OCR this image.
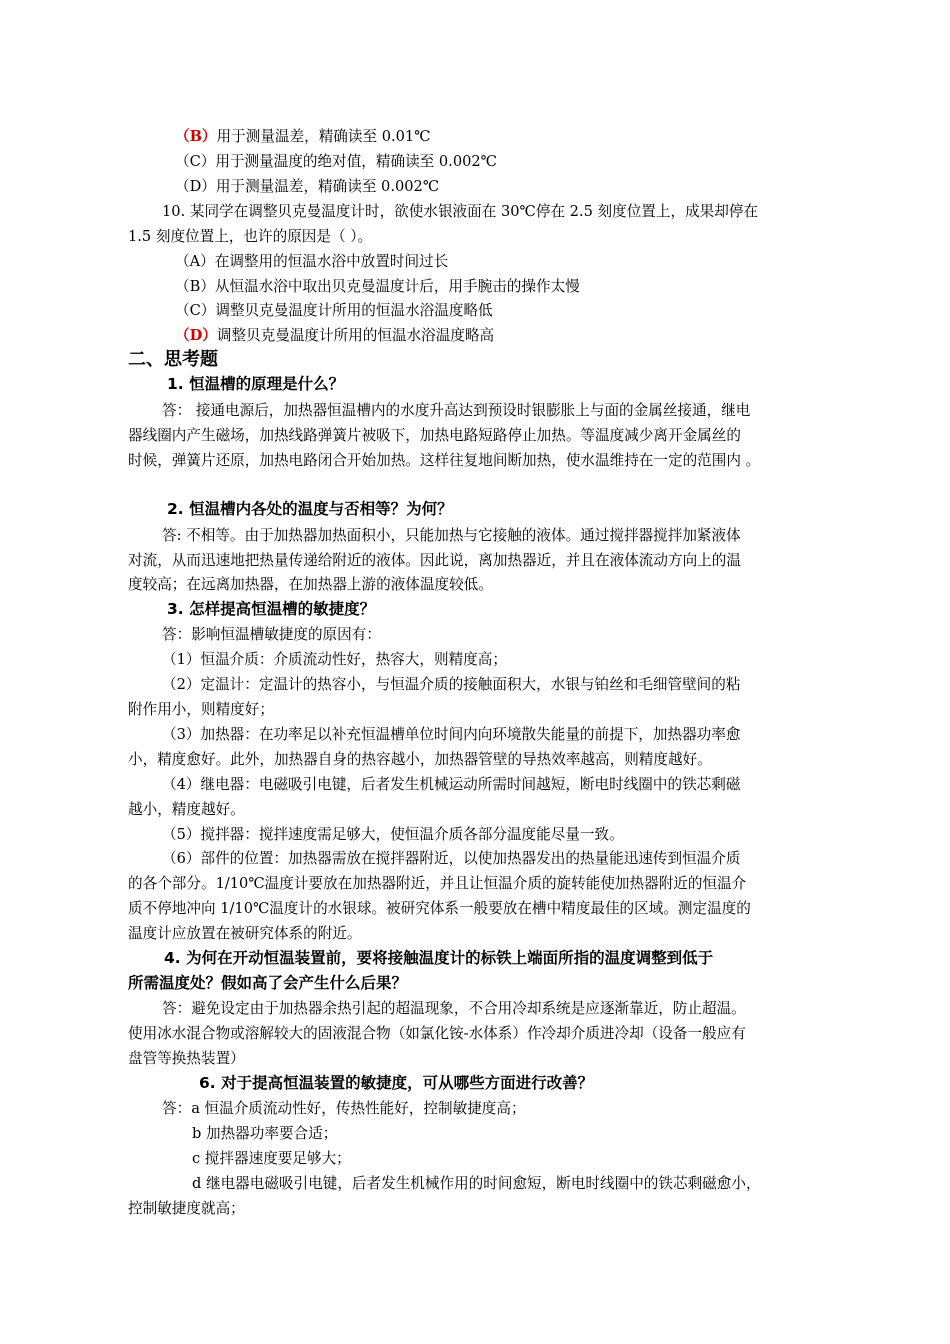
（B）用于测量温差，精确读至 0.01℃
（C）用于测量温度的绝对值，精确读至 0.002℃
（D）用于测量温差，精确读至 0.002℃
10. 某同学在调整贝克曼温度计时，欲使水银液面在 30℃停在 2.5 刻度位置上，成果却停在
1.5 刻度位置上，也许的原因是（ ）。
（A）在调整用的恒温水浴中放置时间过长
（B）从恒温水浴中取出贝克曼温度计后，用手腕击的操作太慢
（C）调整贝克曼温度计所用的恒温水浴温度略低
（D）调整贝克曼温度计所用的恒温水浴温度略高
二、思考题
1. 恒温槽的原理是什么？
答： 接通电源后，加热器恒温槽内的水度升高达到预设时银膨胀上与面的金属丝接通，继电
器线圈内产生磁场，加热线路弹簧片被吸下，加热电路短路停止加热。等温度减少离开金属丝的
时候，弹簧片还原，加热电路闭合开始加热。这样往复地间断加热，使水温维持在一定的范围内 。
2. 恒温槽内各处的温度与否相等？为何？
答: 不相等。由于加热器加热面积小，只能加热与它接触的液体。通过搅拌器搅拌加紧液体
对流，从而迅速地把热量传递给附近的液体。因此说，离加热器近，并且在液体流动方向上的温
度较高；在远离加热器，在加热器上游的液体温度较低。
3. 怎样提高恒温槽的敏捷度？
答：影响恒温槽敏捷度的原因有：
（1）恒温介质：介质流动性好，热容大，则精度高；
（2）定温计：定温计的热容小，与恒温介质的接触面积大，水银与铂丝和毛细管壁间的粘
附作用小，则精度好；
（3）加热器：在功率足以补充恒温槽单位时间内向环境散失能量的前提下，加热器功率愈
小，精度愈好。此外，加热器自身的热容越小，加热器管壁的导热效率越高，则精度越好。
（4）继电器：电磁吸引电键，后者发生机械运动所需时间越短，断电时线圈中的铁芯剩磁
越小，精度越好。
（5）搅拌器：搅拌速度需足够大，使恒温介质各部分温度能尽量一致。
（6）部件的位置：加热器需放在搅拌器附近，以使加热器发出的热量能迅速传到恒温介质
的各个部分。1/10℃温度计要放在加热器附近，并且让恒温介质的旋转能使加热器附近的恒温介
质不停地冲向 1/10℃温度计的水银球。被研究体系一般要放在槽中精度最佳的区域。测定温度的
温度计应放置在被研究体系的附近。
4. 为何在开动恒温装置前，要将接触温度计的标铁上端面所指的温度调整到低于
所需温度处？假如高了会产生什么后果？
答：避免设定由于加热器余热引起的超温现象，不合用冷却系统是应逐渐靠近，防止超温。
使用冰水混合物或溶解较大的固液混合物（如氯化铵-水体系）作冷却介质进冷却（设备一般应有
盘管等换热装置）
6. 对于提高恒温装置的敏捷度，可从哪些方面进行改善？
答：a 恒温介质流动性好，传热性能好，控制敏捷度高；
b 加热器功率要合适；
c 搅拌器速度要足够大；
d 继电器电磁吸引电键，后者发生机械作用的时间愈短，断电时线圈中的铁芯剩磁愈小，
控制敏捷度就高；
